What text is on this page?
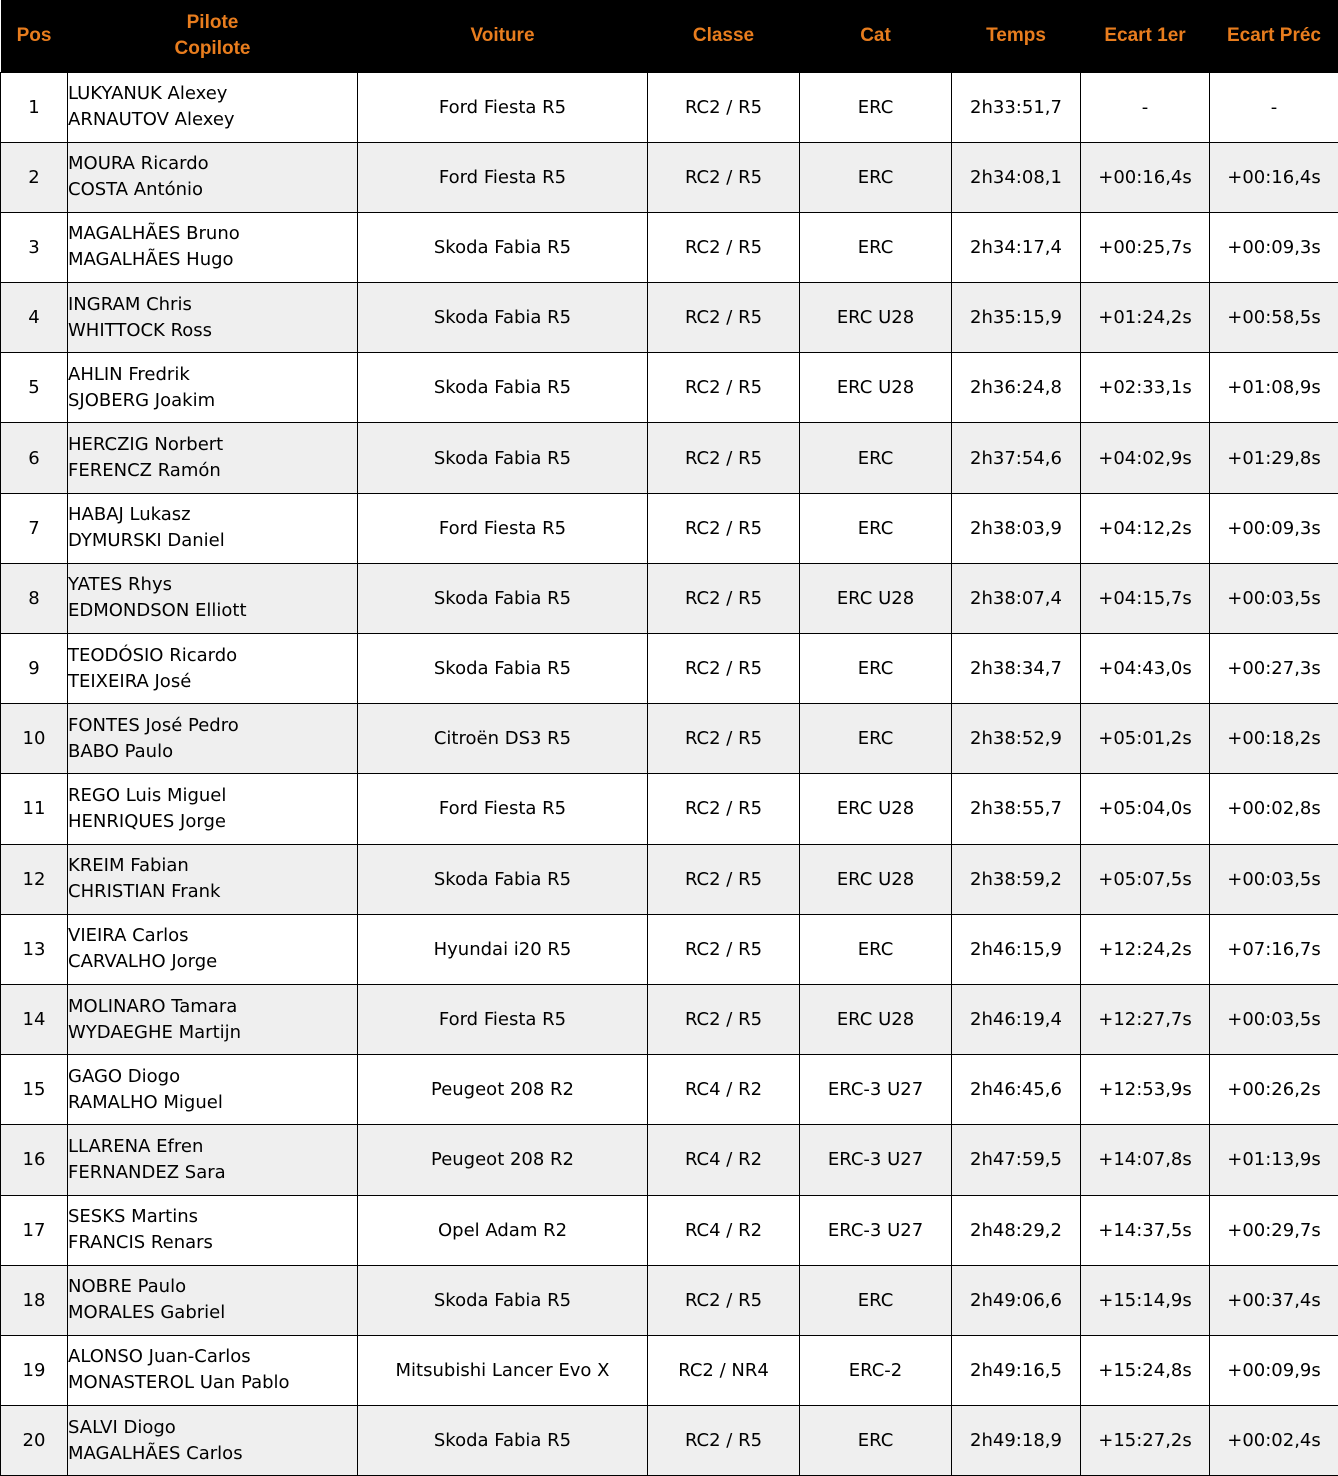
Pos	Pilote
Copilote	Voiture	Classe	Cat	Temps	Ecart 1er	Ecart Préc
1	LUKYANUK Alexey
ARNAUTOV Alexey	Ford Fiesta R5	RC2 / R5	ERC	2h33:51,7	-	-
2	MOURA Ricardo
COSTA António	Ford Fiesta R5	RC2 / R5	ERC	2h34:08,1	+00:16,4s	+00:16,4s
3	MAGALHÃES Bruno
MAGALHÃES Hugo	Skoda Fabia R5	RC2 / R5	ERC	2h34:17,4	+00:25,7s	+00:09,3s
4	INGRAM Chris
WHITTOCK Ross	Skoda Fabia R5	RC2 / R5	ERC U28	2h35:15,9	+01:24,2s	+00:58,5s
5	AHLIN Fredrik
SJOBERG Joakim	Skoda Fabia R5	RC2 / R5	ERC U28	2h36:24,8	+02:33,1s	+01:08,9s
6	HERCZIG Norbert
FERENCZ Ramón	Skoda Fabia R5	RC2 / R5	ERC	2h37:54,6	+04:02,9s	+01:29,8s
7	HABAJ Lukasz
DYMURSKI Daniel	Ford Fiesta R5	RC2 / R5	ERC	2h38:03,9	+04:12,2s	+00:09,3s
8	YATES Rhys
EDMONDSON Elliott	Skoda Fabia R5	RC2 / R5	ERC U28	2h38:07,4	+04:15,7s	+00:03,5s
9	TEODÓSIO Ricardo
TEIXEIRA José	Skoda Fabia R5	RC2 / R5	ERC	2h38:34,7	+04:43,0s	+00:27,3s
10	FONTES José Pedro
BABO Paulo	Citroën DS3 R5	RC2 / R5	ERC	2h38:52,9	+05:01,2s	+00:18,2s
11	REGO Luis Miguel
HENRIQUES Jorge	Ford Fiesta R5	RC2 / R5	ERC U28	2h38:55,7	+05:04,0s	+00:02,8s
12	KREIM Fabian
CHRISTIAN Frank	Skoda Fabia R5	RC2 / R5	ERC U28	2h38:59,2	+05:07,5s	+00:03,5s
13	VIEIRA Carlos
CARVALHO Jorge	Hyundai i20 R5	RC2 / R5	ERC	2h46:15,9	+12:24,2s	+07:16,7s
14	MOLINARO Tamara
WYDAEGHE Martijn	Ford Fiesta R5	RC2 / R5	ERC U28	2h46:19,4	+12:27,7s	+00:03,5s
15	GAGO Diogo
RAMALHO Miguel	Peugeot 208 R2	RC4 / R2	ERC-3 U27	2h46:45,6	+12:53,9s	+00:26,2s
16	LLARENA Efren
FERNANDEZ Sara	Peugeot 208 R2	RC4 / R2	ERC-3 U27	2h47:59,5	+14:07,8s	+01:13,9s
17	SESKS Martins
FRANCIS Renars	Opel Adam R2	RC4 / R2	ERC-3 U27	2h48:29,2	+14:37,5s	+00:29,7s
18	NOBRE Paulo
MORALES Gabriel	Skoda Fabia R5	RC2 / R5	ERC	2h49:06,6	+15:14,9s	+00:37,4s
19	ALONSO Juan-Carlos
MONASTEROL Uan Pablo	Mitsubishi Lancer Evo X	RC2 / NR4	ERC-2	2h49:16,5	+15:24,8s	+00:09,9s
20	SALVI Diogo
MAGALHÃES Carlos	Skoda Fabia R5	RC2 / R5	ERC	2h49:18,9	+15:27,2s	+00:02,4s
